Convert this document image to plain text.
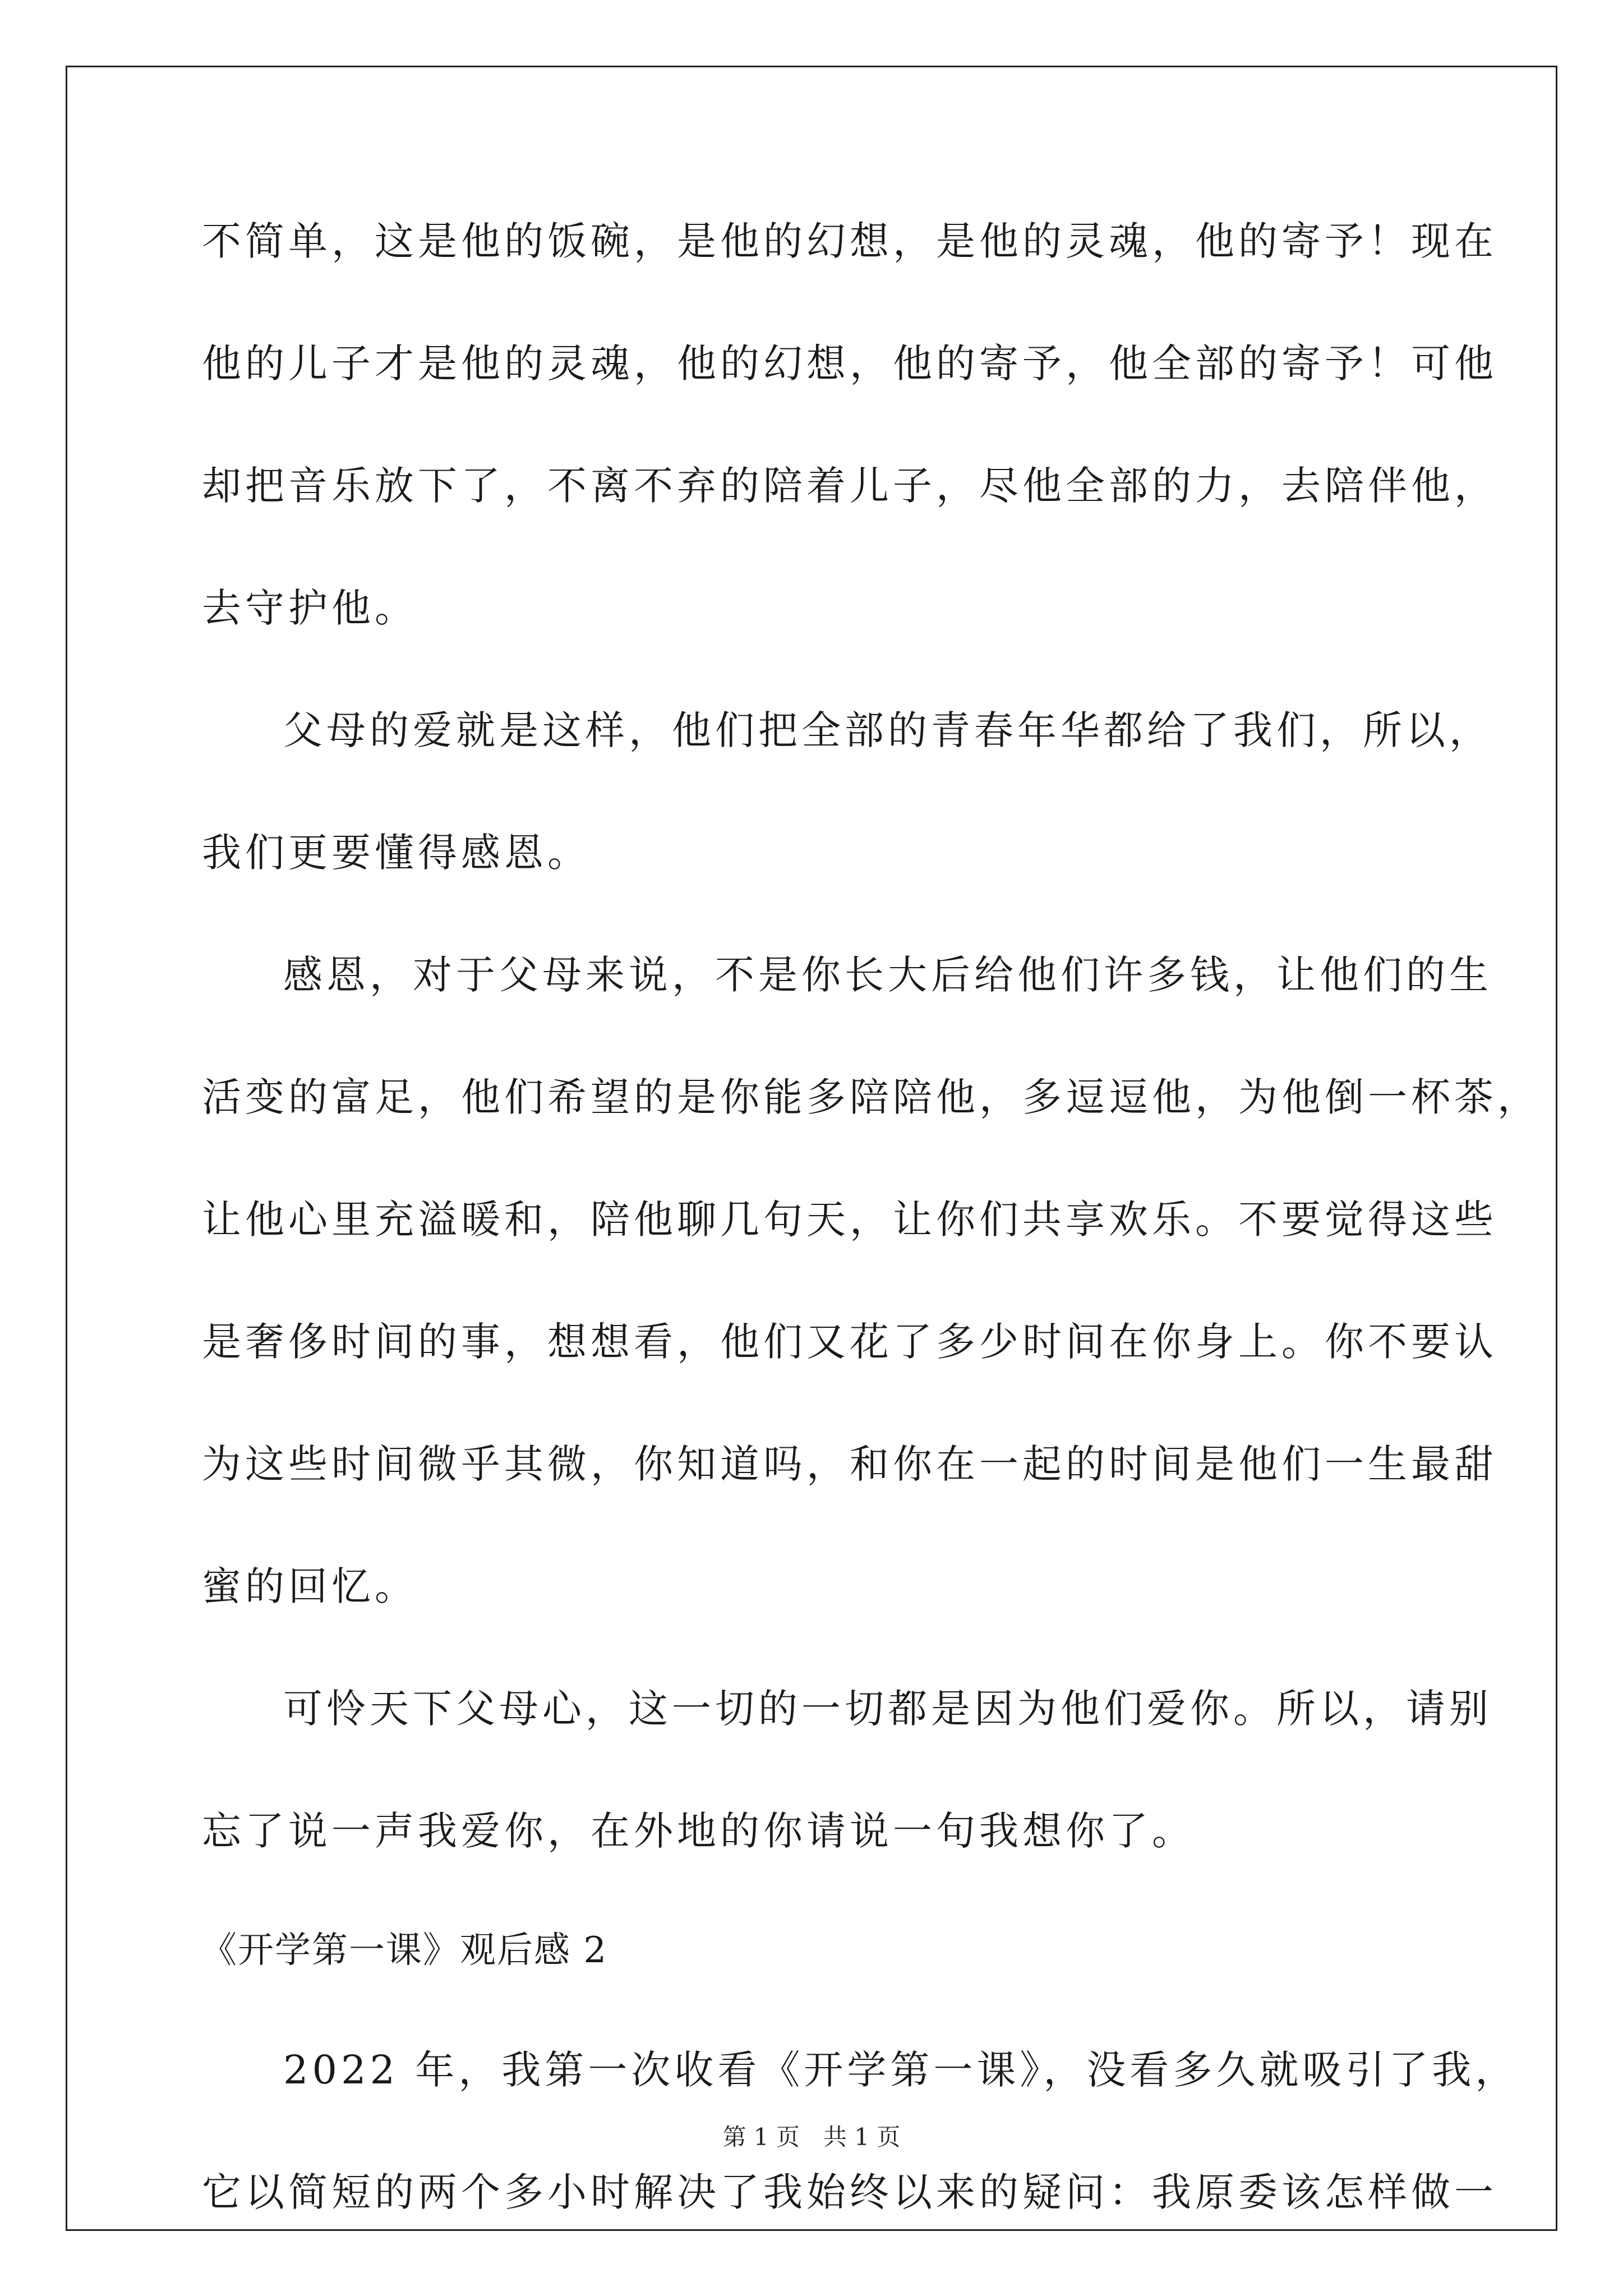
不简单，这是他的饭碗，是他的幻想，是他的灵魂，他的寄予！现在
他的儿子才是他的灵魂，他的幻想，他的寄予，他全部的寄予！可他
却把音乐放下了，不离不弃的陪着儿子，尽他全部的力，去陪伴他，
去守护他。
父母的爱就是这样，他们把全部的青春年华都给了我们，所以，
我们更要懂得感恩。
感恩，对于父母来说，不是你长大后给他们许多钱，让他们的生
活变的富足，他们希望的是你能多陪陪他，多逗逗他，为他倒一杯茶，
让他心里充溢暖和，陪他聊几句天，让你们共享欢乐。不要觉得这些
是奢侈时间的事，想想看，他们又花了多少时间在你身上。你不要认
为这些时间微乎其微，你知道吗，和你在一起的时间是他们一生最甜
蜜的回忆。
可怜天下父母心，这一切的一切都是因为他们爱你。所以，请别
忘了说一声我爱你，在外地的你请说一句我想你了。
《开学第一课》观后感 2
2022 年，我第一次收看《开学第一课》，没看多久就吸引了我，
它以简短的两个多小时解决了我始终以来的疑问：我原委该怎样做一
第 1 页　共 1 页
